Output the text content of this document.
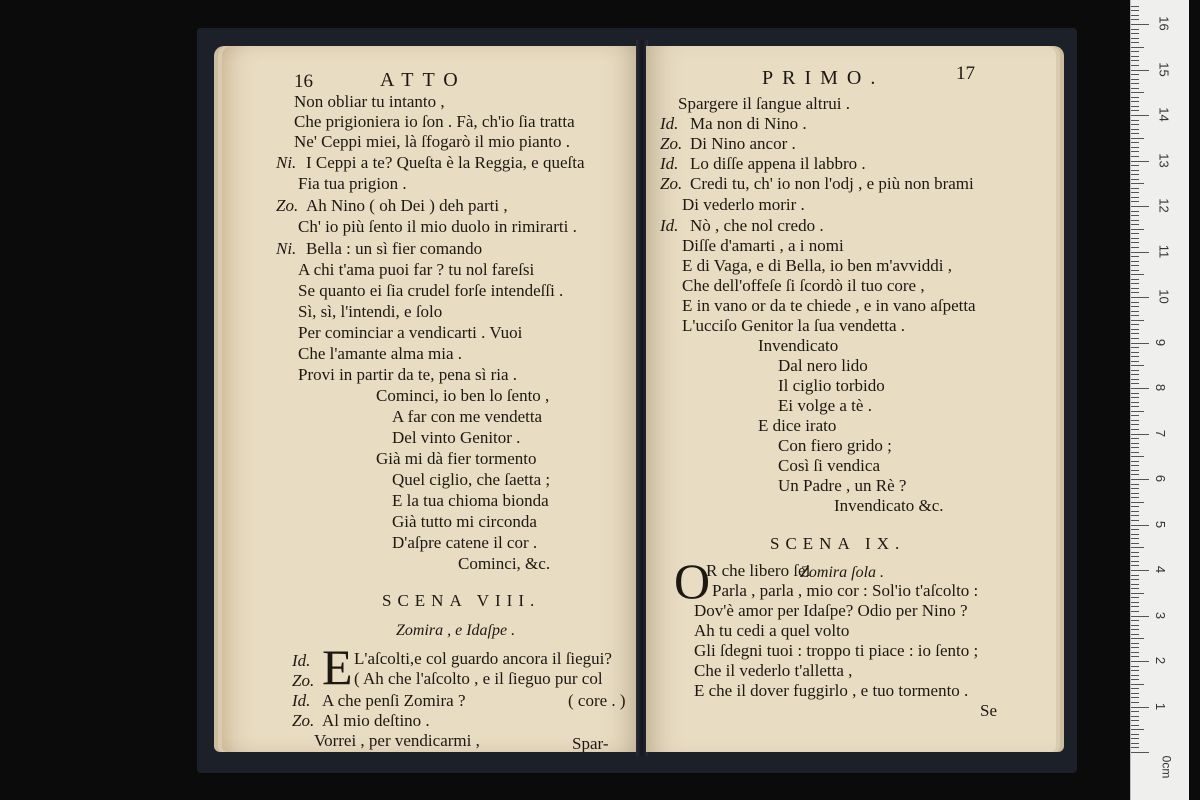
16	ATTO
Non obliar tu intanto ,
Che prigioniera io ſon . Fà, ch'io ſia tratta
Ne' Ceppi miei, là ſfogarò il mio pianto .
Ni. I Ceppi a te? Queſta è la Reggia, e queſta
Fia tua prigion .
Zo. Ah Nino ( oh Dei ) deh parti ,
Ch' io più ſento il mio duolo in rimirarti .
Ni. Bella : un sì fier comando
A chi t'ama puoi far ? tu nol fareſsi
Se quanto ei ſia crudel forſe intendeſſi .
Sì, sì, l'intendi, e ſolo
Per cominciar a vendicarti . Vuoi
Che l'amante alma mia .
Provi in partir da te, pena sì ria .
Cominci, io ben lo ſento ,
A far con me vendetta
Del vinto Genitor .
Già mi dà fier tormento
Quel ciglio, che ſaetta ;
E la tua chioma bionda
Già tutto mi circonda
D'aſpre catene il cor .
Cominci, &c.
SCENA VIII.
Zomira , e Idaſpe .
Id.
Zo. E L'aſcolti,e col guardo ancora il ſiegui?
( Ah che l'aſcolto , e il ſieguo pur col
Id. A che penſi Zomira ?	( core . )
Zo. Al mio deſtino .
Vorrei , per vendicarmi ,	Spar-
PRIMO.	17
Spargere il ſangue altrui .
Id. Ma non di Nino .
Zo. Di Nino ancor .
Id. Lo diſſe appena il labbro .
Zo. Credi tu, ch' io non l'odj , e più non brami
Di vederlo morir .
Id. Nò , che nol credo .
Diſſe d'amarti , a i nomi
E di Vaga, e di Bella, io ben m'avviddi ,
Che dell'offeſe ſi ſcordò il tuo core ,
E in vano or da te chiede , e in vano aſpetta
L'ucciſo Genitor la ſua vendetta .
Invendicato
Dal nero lido
Il ciglio torbido
Ei volge a tè .
E dice irato
Con fiero grido ;
Così ſi vendica
Un Padre , un Rè ?
Invendicato &c.
SCENA IX.
Zomira ſola .
O
R che libero ſei
Parla , parla , mio cor : Sol'io t'aſcolto :
Dov'è amor per Idaſpe? Odio per Nino ?
Ah tu cedi a quel volto
Gli ſdegni tuoi : troppo ti piace : io ſento ;
Che il vederlo t'alletta ,
E che il dover fuggirlo , e tuo tormento .
Se
0cm
1
2
3
4
5
6
7
8
9
10
11
12
13
14
15
16
